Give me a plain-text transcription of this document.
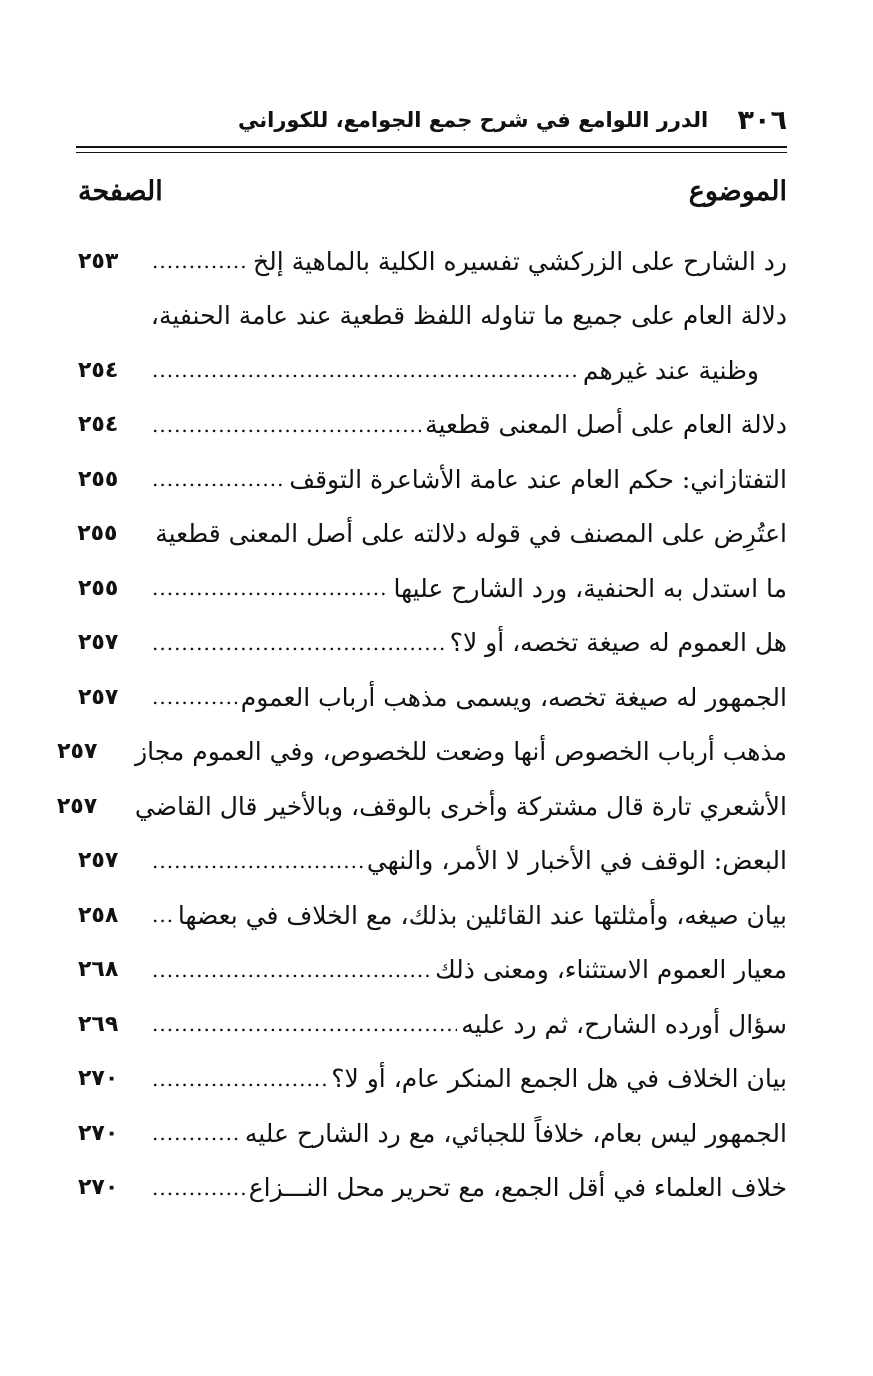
٣٠٦
الدرر اللوامع في شرح جمع الجوامع، للكوراني
الموضوع
الصفحة
رد الشارح على الزركشي تفسيره الكلية بالماهية إلخ
.....
٢٥٣
دلالة العام على جميع ما تناوله اللفظ قطعية عند عامة الحنفية،
وظنية عند غيرهم
.....
٢٥٤
دلالة العام على أصل المعنى قطعية
.....
٢٥٤
التفتازاني: حكم العام عند عامة الأشاعرة التوقف
.....
٢٥٥
اعتُرِض على المصنف في قوله دلالته على أصل المعنى قطعية
٢٥٥
ما استدل به الحنفية، ورد الشارح عليها
.....
٢٥٥
هل العموم له صيغة تخصه، أو لا؟
.....
٢٥٧
الجمهور له صيغة تخصه، ويسمى مذهب أرباب العموم
.....
٢٥٧
مذهب أرباب الخصوص أنها وضعت للخصوص، وفي العموم مجاز
٢٥٧
الأشعري تارة قال مشتركة وأخرى بالوقف، وبالأخير قال القاضي
٢٥٧
البعض: الوقف في الأخبار لا الأمر، والنهي
.....
٢٥٧
بيان صيغه، وأمثلتها عند القائلين بذلك، مع الخلاف في بعضها
.....
٢٥٨
معيار العموم الاستثناء، ومعنى ذلك
.....
٢٦٨
سؤال أورده الشارح، ثم رد عليه
.....
٢٦٩
بيان الخلاف في هل الجمع المنكر عام، أو لا؟
.....
٢٧٠
الجمهور ليس بعام، خلافاً للجبائي، مع رد الشارح عليه
.....
٢٧٠
خلاف العلماء في أقل الجمع، مع تحرير محل النـــزاع
.....
٢٧٠
